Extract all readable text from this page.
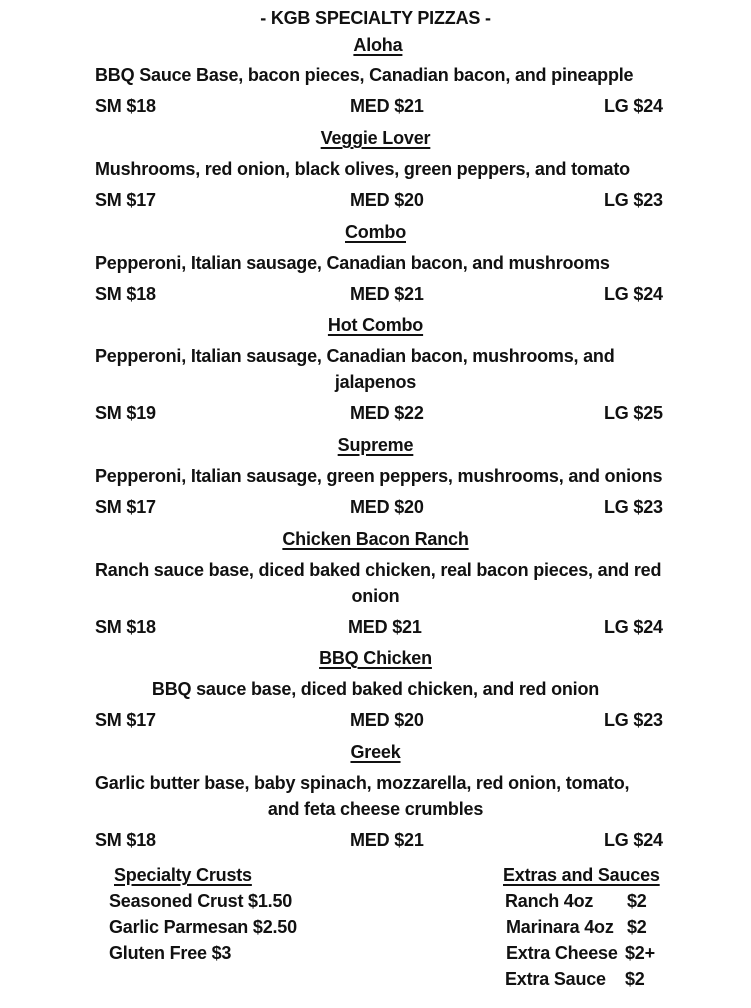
- KGB SPECIALTY PIZZAS -
Aloha
BBQ Sauce Base, bacon pieces, Canadian bacon, and pineapple
SM $18	MED $21	LG $24
Veggie Lover
Mushrooms, red onion, black olives, green peppers, and tomato
SM $17	MED $20	LG $23
Combo
Pepperoni, Italian sausage, Canadian bacon, and mushrooms
SM $18	MED $21	LG $24
Hot Combo
Pepperoni, Italian sausage, Canadian bacon, mushrooms, and
jalapenos
SM $19	MED $22	LG $25
Supreme
Pepperoni, Italian sausage, green peppers, mushrooms, and onions
SM $17	MED $20	LG $23
Chicken Bacon Ranch
Ranch sauce base, diced baked chicken, real bacon pieces, and red
onion
SM $18	MED $21	LG $24
BBQ Chicken
BBQ sauce base, diced baked chicken, and red onion
SM $17	MED $20	LG $23
Greek
Garlic butter base, baby spinach, mozzarella, red onion, tomato,
and feta cheese crumbles
SM $18	MED $21	LG $24
Specialty Crusts
Seasoned Crust $1.50
Garlic Parmesan $2.50
Gluten Free $3
Extras and Sauces
Ranch 4oz $2
Marinara 4oz $2
Extra Cheese $2+
Extra Sauce $2
